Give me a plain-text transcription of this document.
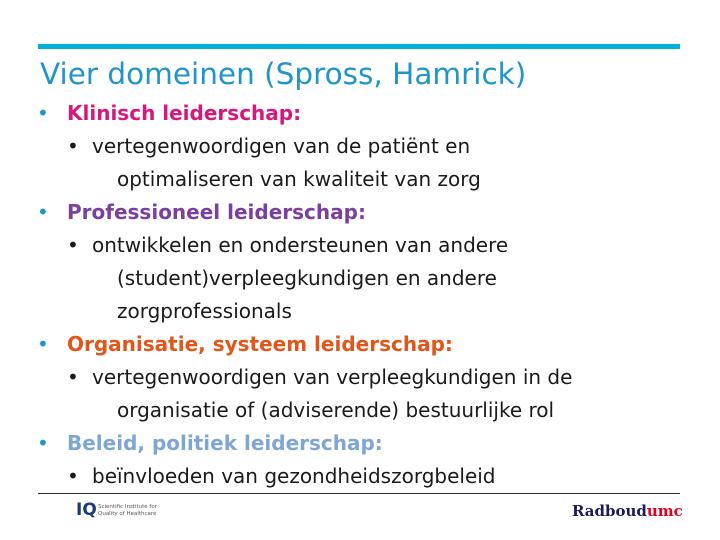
Vier domeinen (Spross, Hamrick)
• Klinisch leiderschap:
• vertegenwoordigen van de patiënt en
optimaliseren van kwaliteit van zorg
• Professioneel leiderschap:
• ontwikkelen en ondersteunen van andere
(student)verpleegkundigen en andere
zorgprofessionals
• Organisatie, systeem leiderschap:
• vertegenwoordigen van verpleegkundigen in de
organisatie of (adviserende) bestuurlijke rol
• Beleid, politiek leiderschap:
• beïnvloeden van gezondheidszorgbeleid
IQ Scientific Institute for Quality of Healthcare	Radboudumc
